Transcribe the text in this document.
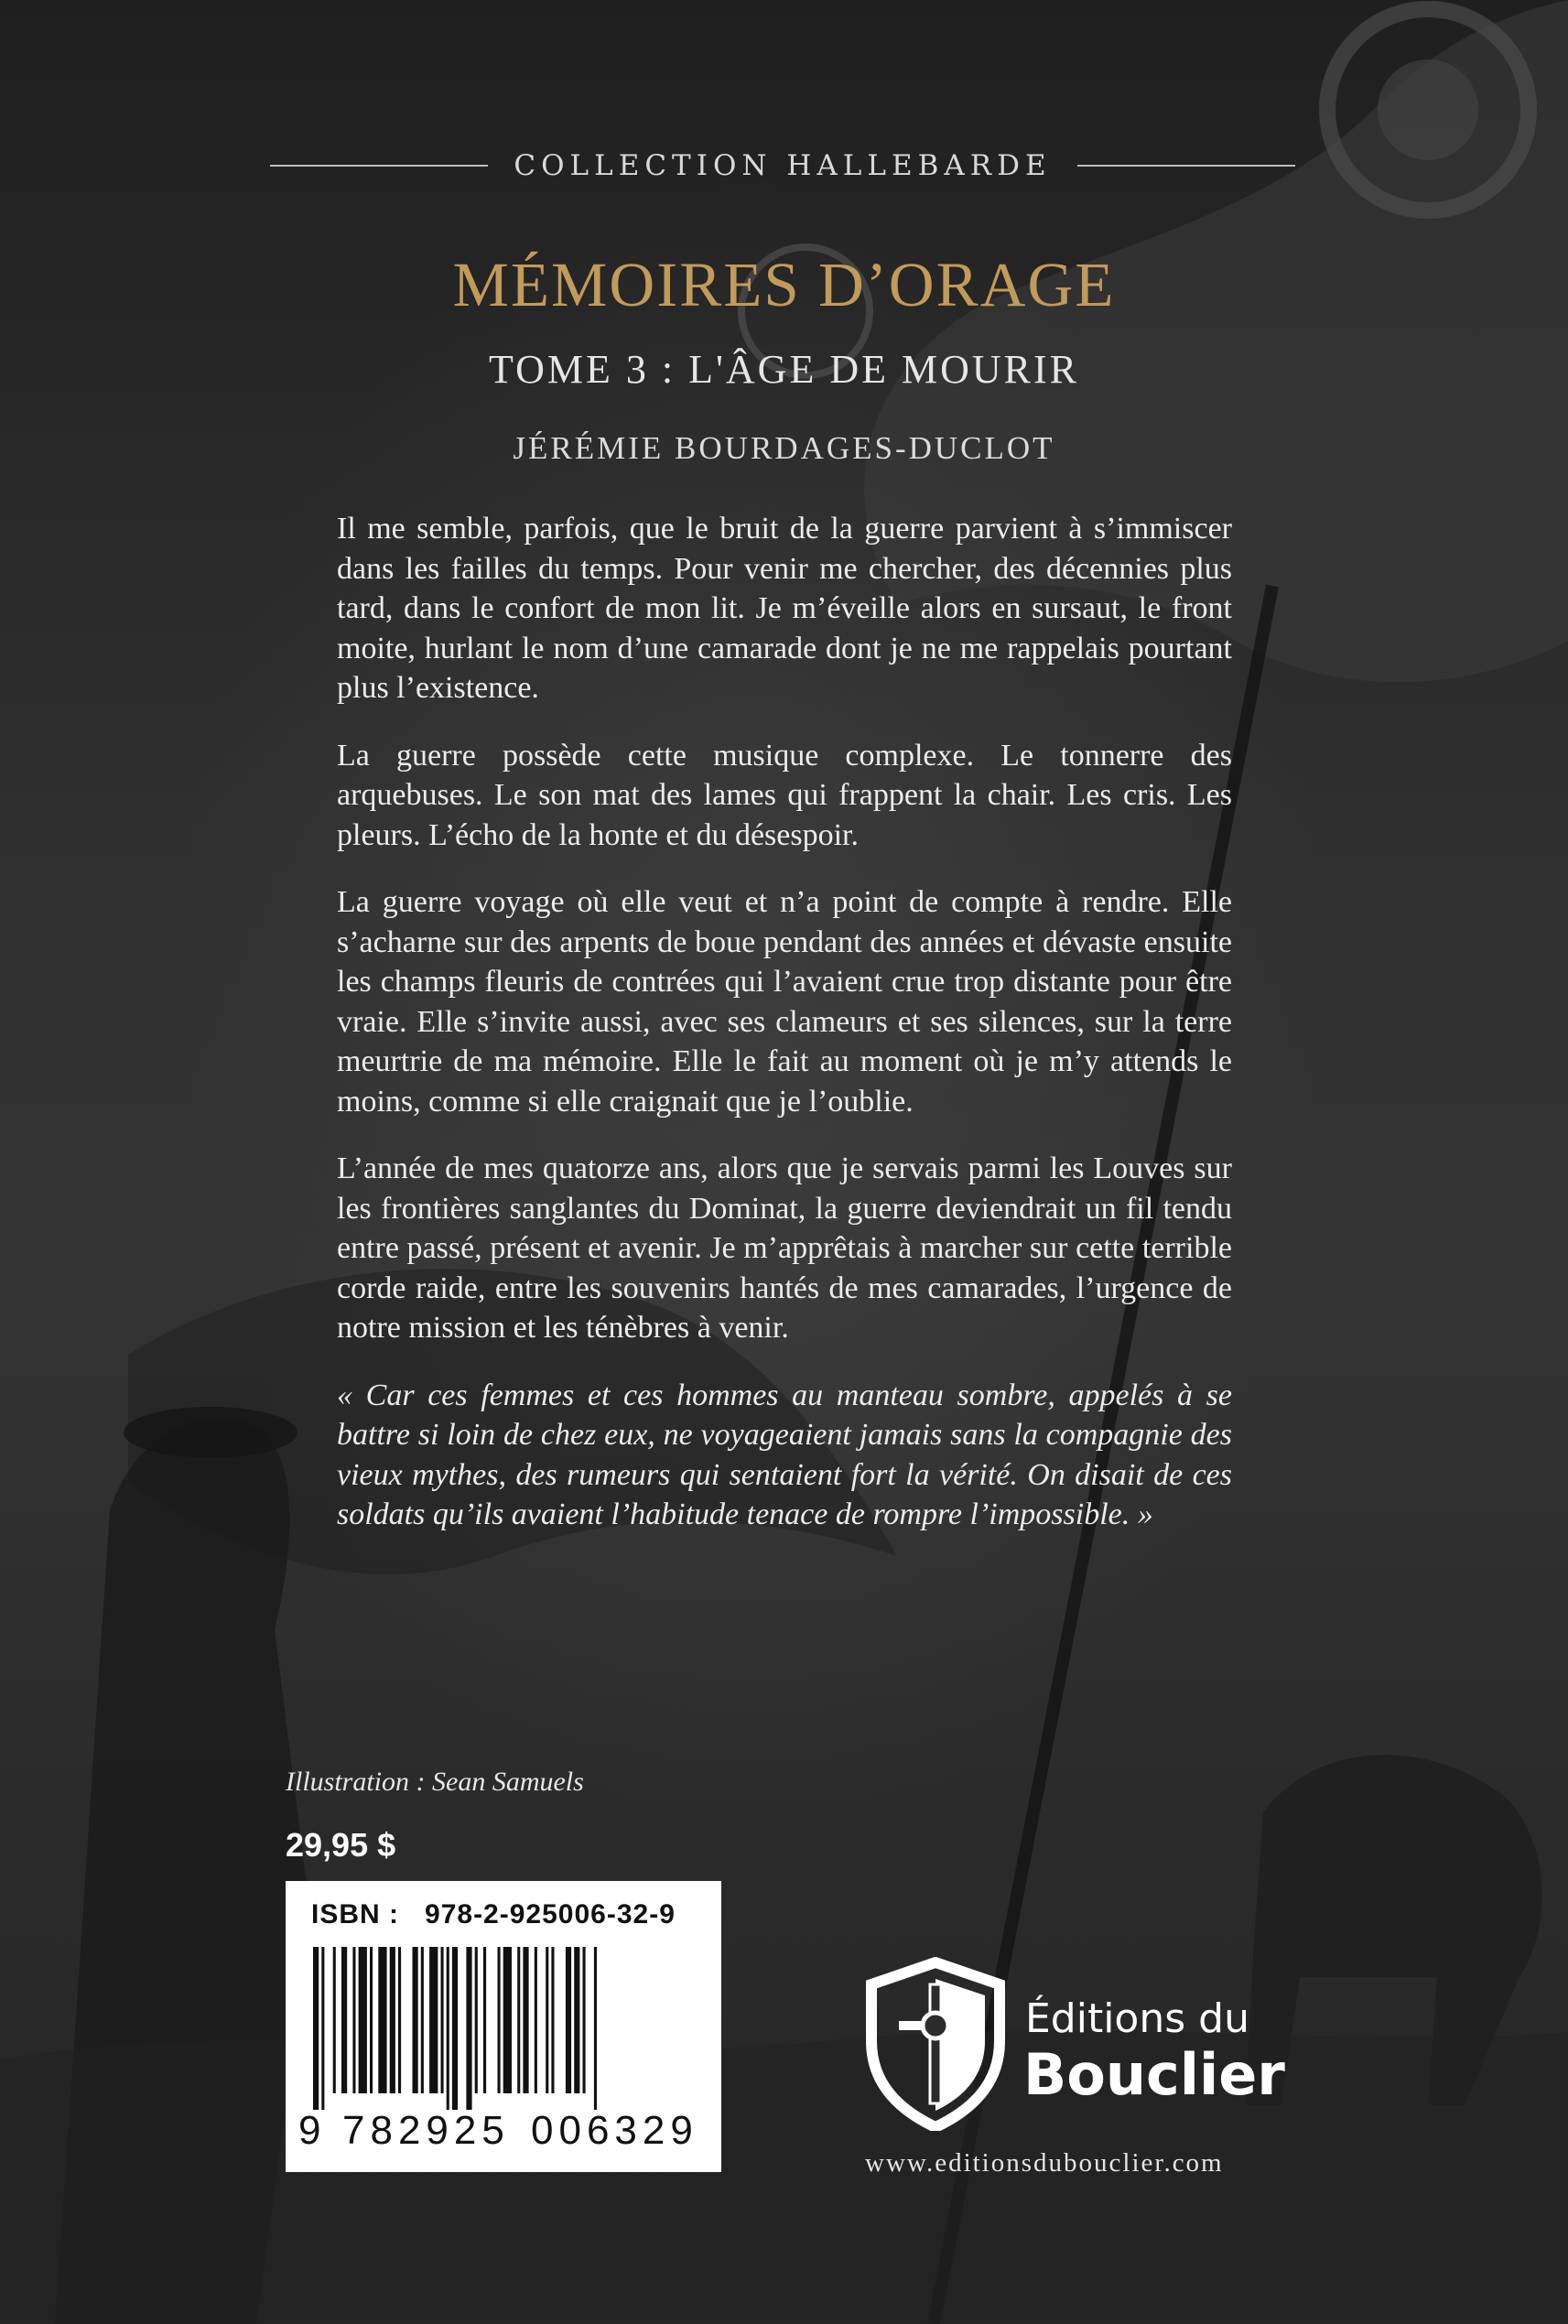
COLLECTION HALLEBARDE
MÉMOIRES D’ORAGE
TOME 3 : L'ÂGE DE MOURIR
JÉRÉMIE BOURDAGES-DUCLOT

Il me semble, parfois, que le bruit de la guerre parvient à s’immiscer dans les failles du temps. Pour venir me chercher, des décennies plus tard, dans le confort de mon lit. Je m’éveille alors en sursaut, le front moite, hurlant le nom d’une camarade dont je ne me rappelais pourtant plus l’existence.

La guerre possède cette musique complexe. Le tonnerre des arquebuses. Le son mat des lames qui frappent la chair. Les cris. Les pleurs. L’écho de la honte et du désespoir.

La guerre voyage où elle veut et n’a point de compte à rendre. Elle s’acharne sur des arpents de boue pendant des années et dévaste ensuite les champs fleuris de contrées qui l’avaient crue trop distante pour être vraie. Elle s’invite aussi, avec ses clameurs et ses silences, sur la terre meurtrie de ma mémoire. Elle le fait au moment où je m’y attends le moins, comme si elle craignait que je l’oublie.

L’année de mes quatorze ans, alors que je servais parmi les Louves sur les frontières sanglantes du Dominat, la guerre deviendrait un fil tendu entre passé, présent et avenir. Je m’apprêtais à marcher sur cette terrible corde raide, entre les souvenirs hantés de mes camarades, l’urgence de notre mission et les ténèbres à venir.

« Car ces femmes et ces hommes au manteau sombre, appelés à se battre si loin de chez eux, ne voyageaient jamais sans la compagnie des vieux mythes, des rumeurs qui sentaient fort la vérité. On disait de ces soldats qu’ils avaient l’habitude tenace de rompre l’impossible. »

Illustration : Sean Samuels
29,95 $
ISBN : 978-2-925006-32-9
9 782925 006329
Éditions du
Bouclier
www.editionsdubouclier.com
